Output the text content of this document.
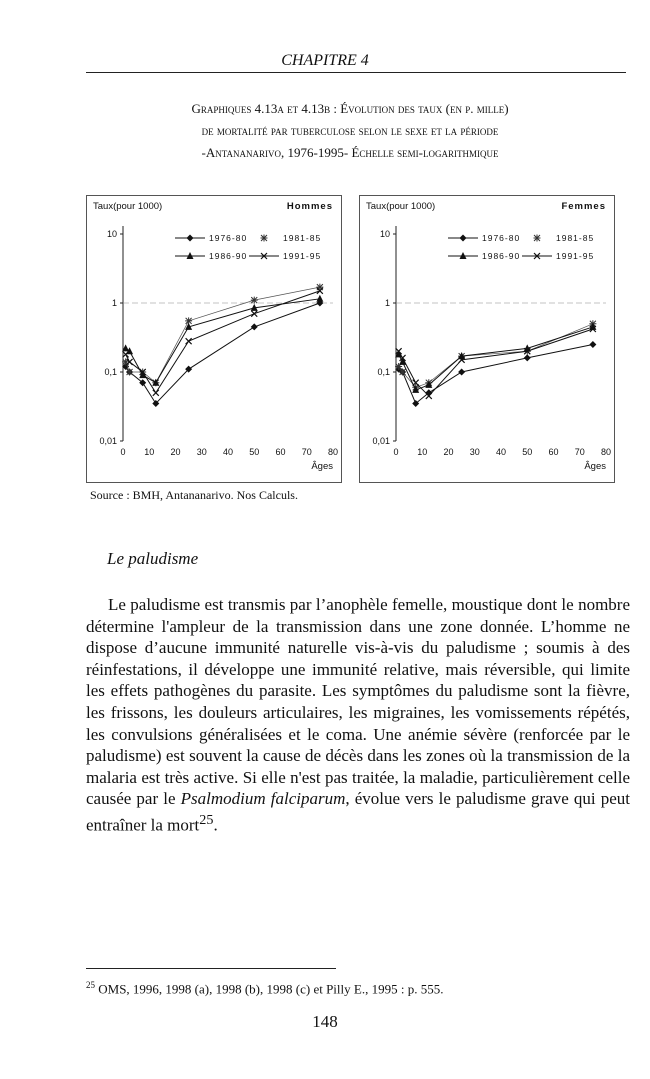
CHAPITRE 4
Graphiques 4.13a et 4.13b : Évolution des taux (en p. mille)
de mortalité par tuberculose selon le sexe et la période
-Antananarivo, 1976-1995- Échelle semi-logarithmique
Taux(pour 1000)	Hommes
10
1
0,1
0,01
0 10 20 30 40 50 60 70 80
Âges
1976-80	1981-85
1986-90	1991-95
Taux(pour 1000)	Femmes
10
1
0,1
0,01
0 10 20 30 40 50 60 70 80
Âges
1976-80	1981-85
1986-90	1991-95
Source : BMH, Antananarivo. Nos Calculs.
Le paludisme
Le paludisme est transmis par l’anophèle femelle, moustique dont le nombre détermine l'ampleur de la transmission dans une zone donnée. L’homme ne dispose d’aucune immunité naturelle vis-à-vis du paludisme ; soumis à des réinfestations, il développe une immunité relative, mais réversible, qui limite les effets pathogènes du parasite. Les symptômes du paludisme sont la fièvre, les frissons, les douleurs articulaires, les migraines, les vomissements répétés, les convulsions généralisées et le coma. Une anémie sévère (renforcée par le paludisme) est souvent la cause de décès dans les zones où la transmission de la malaria est très active. Si elle n'est pas traitée, la maladie, particulièrement celle causée par le Psalmodium falciparum, évolue vers le paludisme grave qui peut entraîner la mort$^{25}$.
$^{25}$ OMS, 1996, 1998 (a), 1998 (b), 1998 (c) et Pilly E., 1995 : p. 555.
148
